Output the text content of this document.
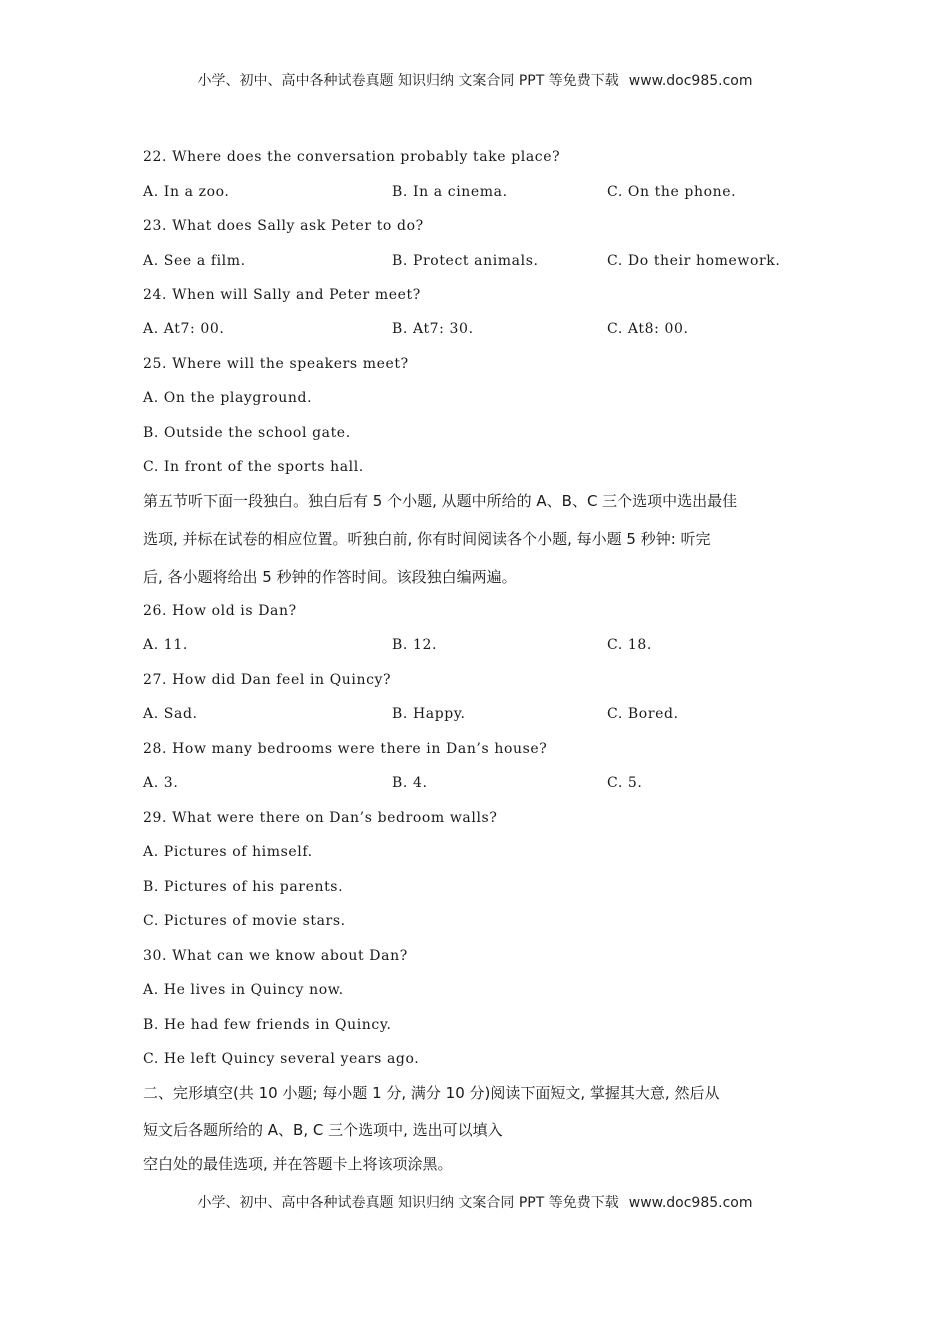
小学、初中、高中各种试卷真题 知识归纳 文案合同 PPT 等免费下载 www.doc985.com
22. Where does the conversation probably take place?
A. In a zoo.	B. In a cinema.	C. On the phone.
23. What does Sally ask Peter to do?
A. See a film.	B. Protect animals.	C. Do their homework.
24. When will Sally and Peter meet?
A. At7: 00.	B. At7: 30.	C. At8: 00.
25. Where will the speakers meet?
A. On the playground.
B. Outside the school gate.
C. In front of the sports hall.
第五节听下面一段独白。独白后有 5 个小题, 从题中所给的 A、B、C 三个选项中选出最佳
选项, 并标在试卷的相应位置。听独白前, 你有时间阅读各个小题, 每小题 5 秒钟: 听完
后, 各小题将给出 5 秒钟的作答时间。该段独白编两遍。
26. How old is Dan?
A. 11.	B. 12.	C. 18.
27. How did Dan feel in Quincy?
A. Sad.	B. Happy.	C. Bored.
28. How many bedrooms were there in Dan’s house?
A. 3.	B. 4.	C. 5.
29. What were there on Dan’s bedroom walls?
A. Pictures of himself.
B. Pictures of his parents.
C. Pictures of movie stars.
30. What can we know about Dan?
A. He lives in Quincy now.
B. He had few friends in Quincy.
C. He left Quincy several years ago.
二、完形填空(共 10 小题; 每小题 1 分, 满分 10 分)阅读下面短文, 掌握其大意, 然后从
短文后各题所给的 A、B, C 三个选项中, 选出可以填入
空白处的最佳选项, 并在答题卡上将该项涂黑。
小学、初中、高中各种试卷真题 知识归纳 文案合同 PPT 等免费下载 www.doc985.com
